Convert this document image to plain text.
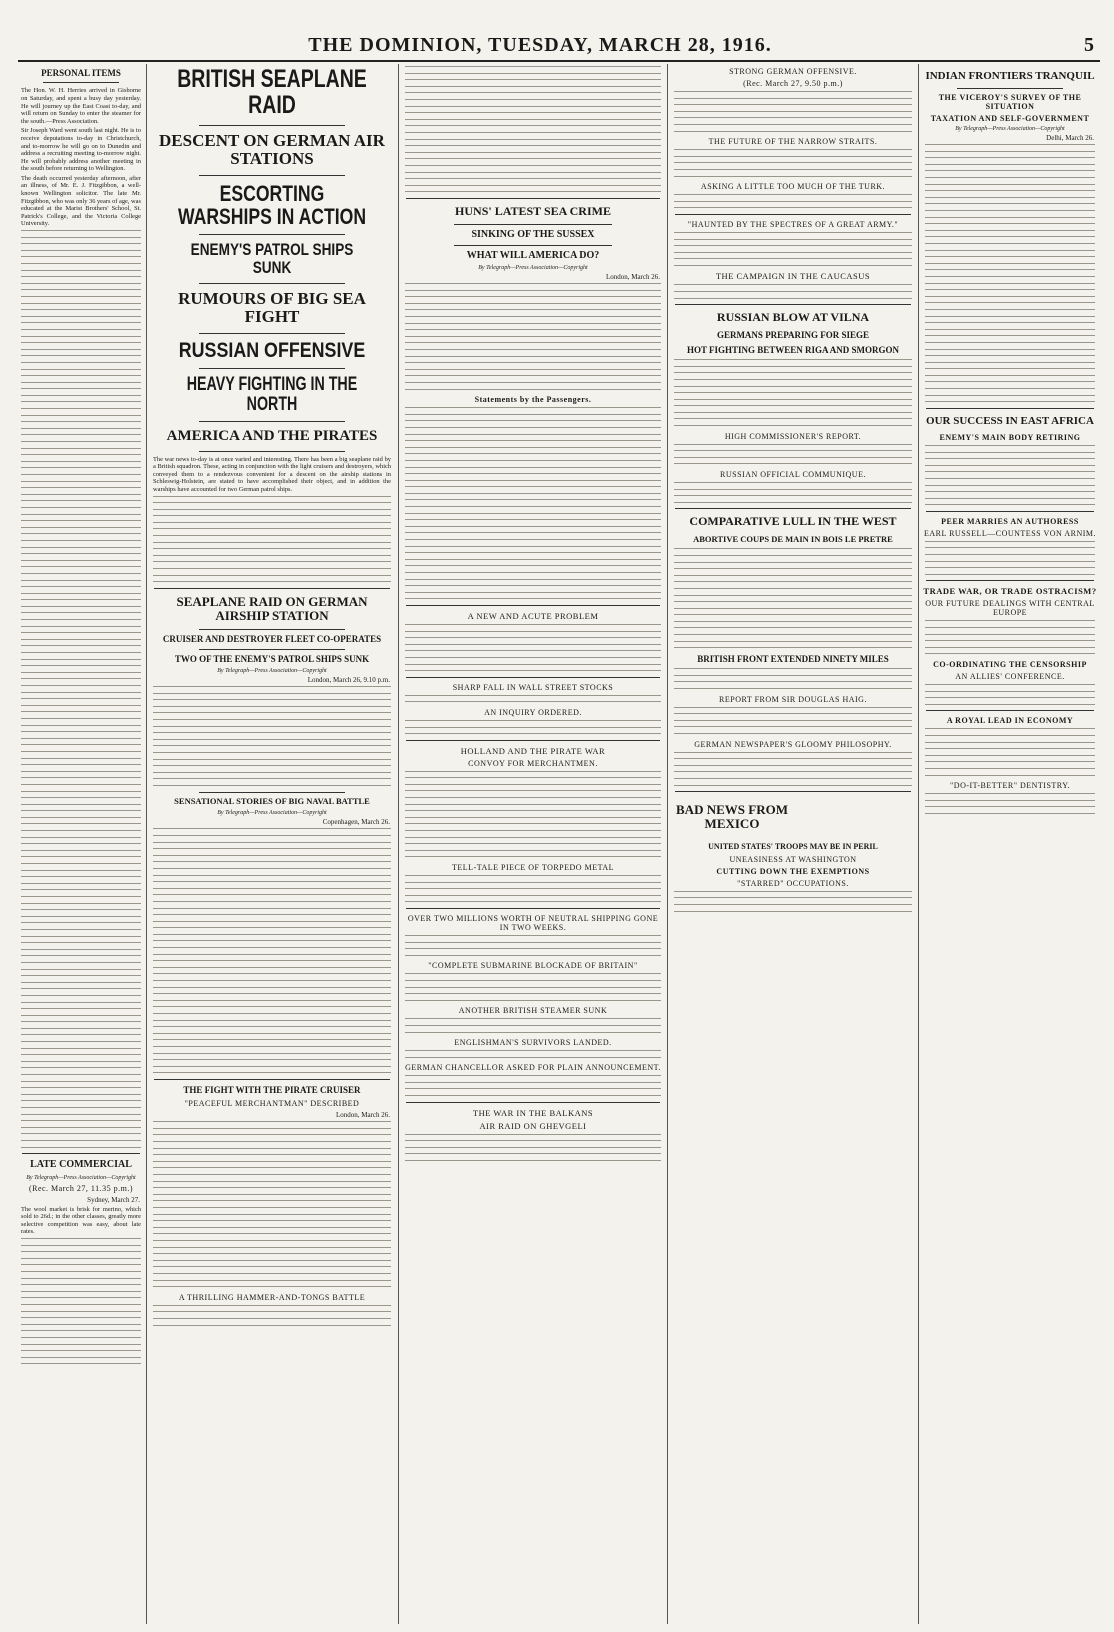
THE DOMINION, TUESDAY, MARCH 28, 1916.	5
PERSONAL ITEMS

The Hon. W. H. Herries arrived in Gisborne on Saturday, and spent a busy day yesterday. He will journey up the East Coast to-day, and will return on Sunday to enter the steamer for the south.—Press Association.

Sir Joseph Ward went south last night. He is to receive deputations to-day in Christchurch, and to-morrow he will go on to Dunedin and address a recruiting meeting to-morrow night. He will probably address another meeting in the south before returning to Wellington.

The death occurred yesterday afternoon, after an illness, of Mr. E. J. Fitzgibbon, a well-known Wellington solicitor. The late Mr. Fitzgibbon, who was only 36 years of age, was educated at the Marist Brothers' School, St. Patrick's College, and the Victoria College University.

LATE COMMERCIAL
By Telegraph—Press Association—Copyright
(Rec. March 27, 11.35 p.m.)
Sydney, March 27.

The wool market is brisk for merino, which sold to 26d.; in the other classes, greatly more selective competition was easy, about late rates.

BRITISH SEAPLANE RAID
DESCENT ON GERMAN AIR STATIONS
ESCORTING WARSHIPS IN ACTION
ENEMY'S PATROL SHIPS SUNK
RUMOURS OF BIG SEA FIGHT
RUSSIAN OFFENSIVE
HEAVY FIGHTING IN THE NORTH
AMERICA AND THE PIRATES

The war news to-day is at once varied and interesting. There has been a big seaplane raid by a British squadron. These, acting in conjunction with the light cruisers and destroyers, which conveyed them to a rendezvous convenient for a descent on the airship stations in Schleswig-Holstein, are stated to have accomplished their object, and in addition the warships have accounted for two German patrol ships.

SEAPLANE RAID ON GERMAN AIRSHIP STATION
CRUISER AND DESTROYER FLEET CO-OPERATES
TWO OF THE ENEMY'S PATROL SHIPS SUNK
By Telegraph—Press Association—Copyright
London, March 26, 9.10 p.m.
SENSATIONAL STORIES OF BIG NAVAL BATTLE
By Telegraph—Press Association—Copyright
Copenhagen, March 26.
THE FIGHT WITH THE PIRATE CRUISER
"PEACEFUL MERCHANTMAN" DESCRIBED
London, March 26.
A THRILLING HAMMER-AND-TONGS BATTLE
HUNS' LATEST SEA CRIME
SINKING OF THE SUSSEX
WHAT WILL AMERICA DO?
By Telegraph—Press Association—Copyright
London, March 26.
Statements by the Passengers.
A NEW AND ACUTE PROBLEM
SHARP FALL IN WALL STREET STOCKS
AN INQUIRY ORDERED.
HOLLAND AND THE PIRATE WAR
CONVOY FOR MERCHANTMEN.
TELL-TALE PIECE OF TORPEDO METAL
OVER TWO MILLIONS WORTH OF NEUTRAL SHIPPING GONE IN TWO WEEKS.
"COMPLETE SUBMARINE BLOCKADE OF BRITAIN"
ANOTHER BRITISH STEAMER SUNK
ENGLISHMAN'S SURVIVORS LANDED.
GERMAN CHANCELLOR ASKED FOR PLAIN ANNOUNCEMENT.
THE WAR IN THE BALKANS
AIR RAID ON GHEVGELI
STRONG GERMAN OFFENSIVE.
(Rec. March 27, 9.50 p.m.)
THE FUTURE OF THE NARROW STRAITS.
ASKING A LITTLE TOO MUCH OF THE TURK.
"HAUNTED BY THE SPECTRES OF A GREAT ARMY."
THE CAMPAIGN IN THE CAUCASUS
RUSSIAN BLOW AT VILNA
GERMANS PREPARING FOR SIEGE
HOT FIGHTING BETWEEN RIGA AND SMORGON
HIGH COMMISSIONER'S REPORT.
RUSSIAN OFFICIAL COMMUNIQUE.
COMPARATIVE LULL IN THE WEST
ABORTIVE COUPS DE MAIN IN BOIS LE PRETRE
BRITISH FRONT EXTENDED NINETY MILES
REPORT FROM SIR DOUGLAS HAIG.
GERMAN NEWSPAPER'S GLOOMY PHILOSOPHY.
BAD NEWS FROM MEXICO
UNITED STATES' TROOPS MAY BE IN PERIL
UNEASINESS AT WASHINGTON
CUTTING DOWN THE EXEMPTIONS
"STARRED" OCCUPATIONS.
INDIAN FRONTIERS TRANQUIL
THE VICEROY'S SURVEY OF THE SITUATION
TAXATION AND SELF-GOVERNMENT
By Telegraph—Press Association—Copyright
Delhi, March 26.
OUR SUCCESS IN EAST AFRICA
ENEMY'S MAIN BODY RETIRING
PEER MARRIES AN AUTHORESS
EARL RUSSELL—COUNTESS VON ARNIM.
TRADE WAR, OR TRADE OSTRACISM?
OUR FUTURE DEALINGS WITH CENTRAL EUROPE
CO-ORDINATING THE CENSORSHIP
AN ALLIES' CONFERENCE.
A ROYAL LEAD IN ECONOMY
"DO-IT-BETTER" DENTISTRY.
